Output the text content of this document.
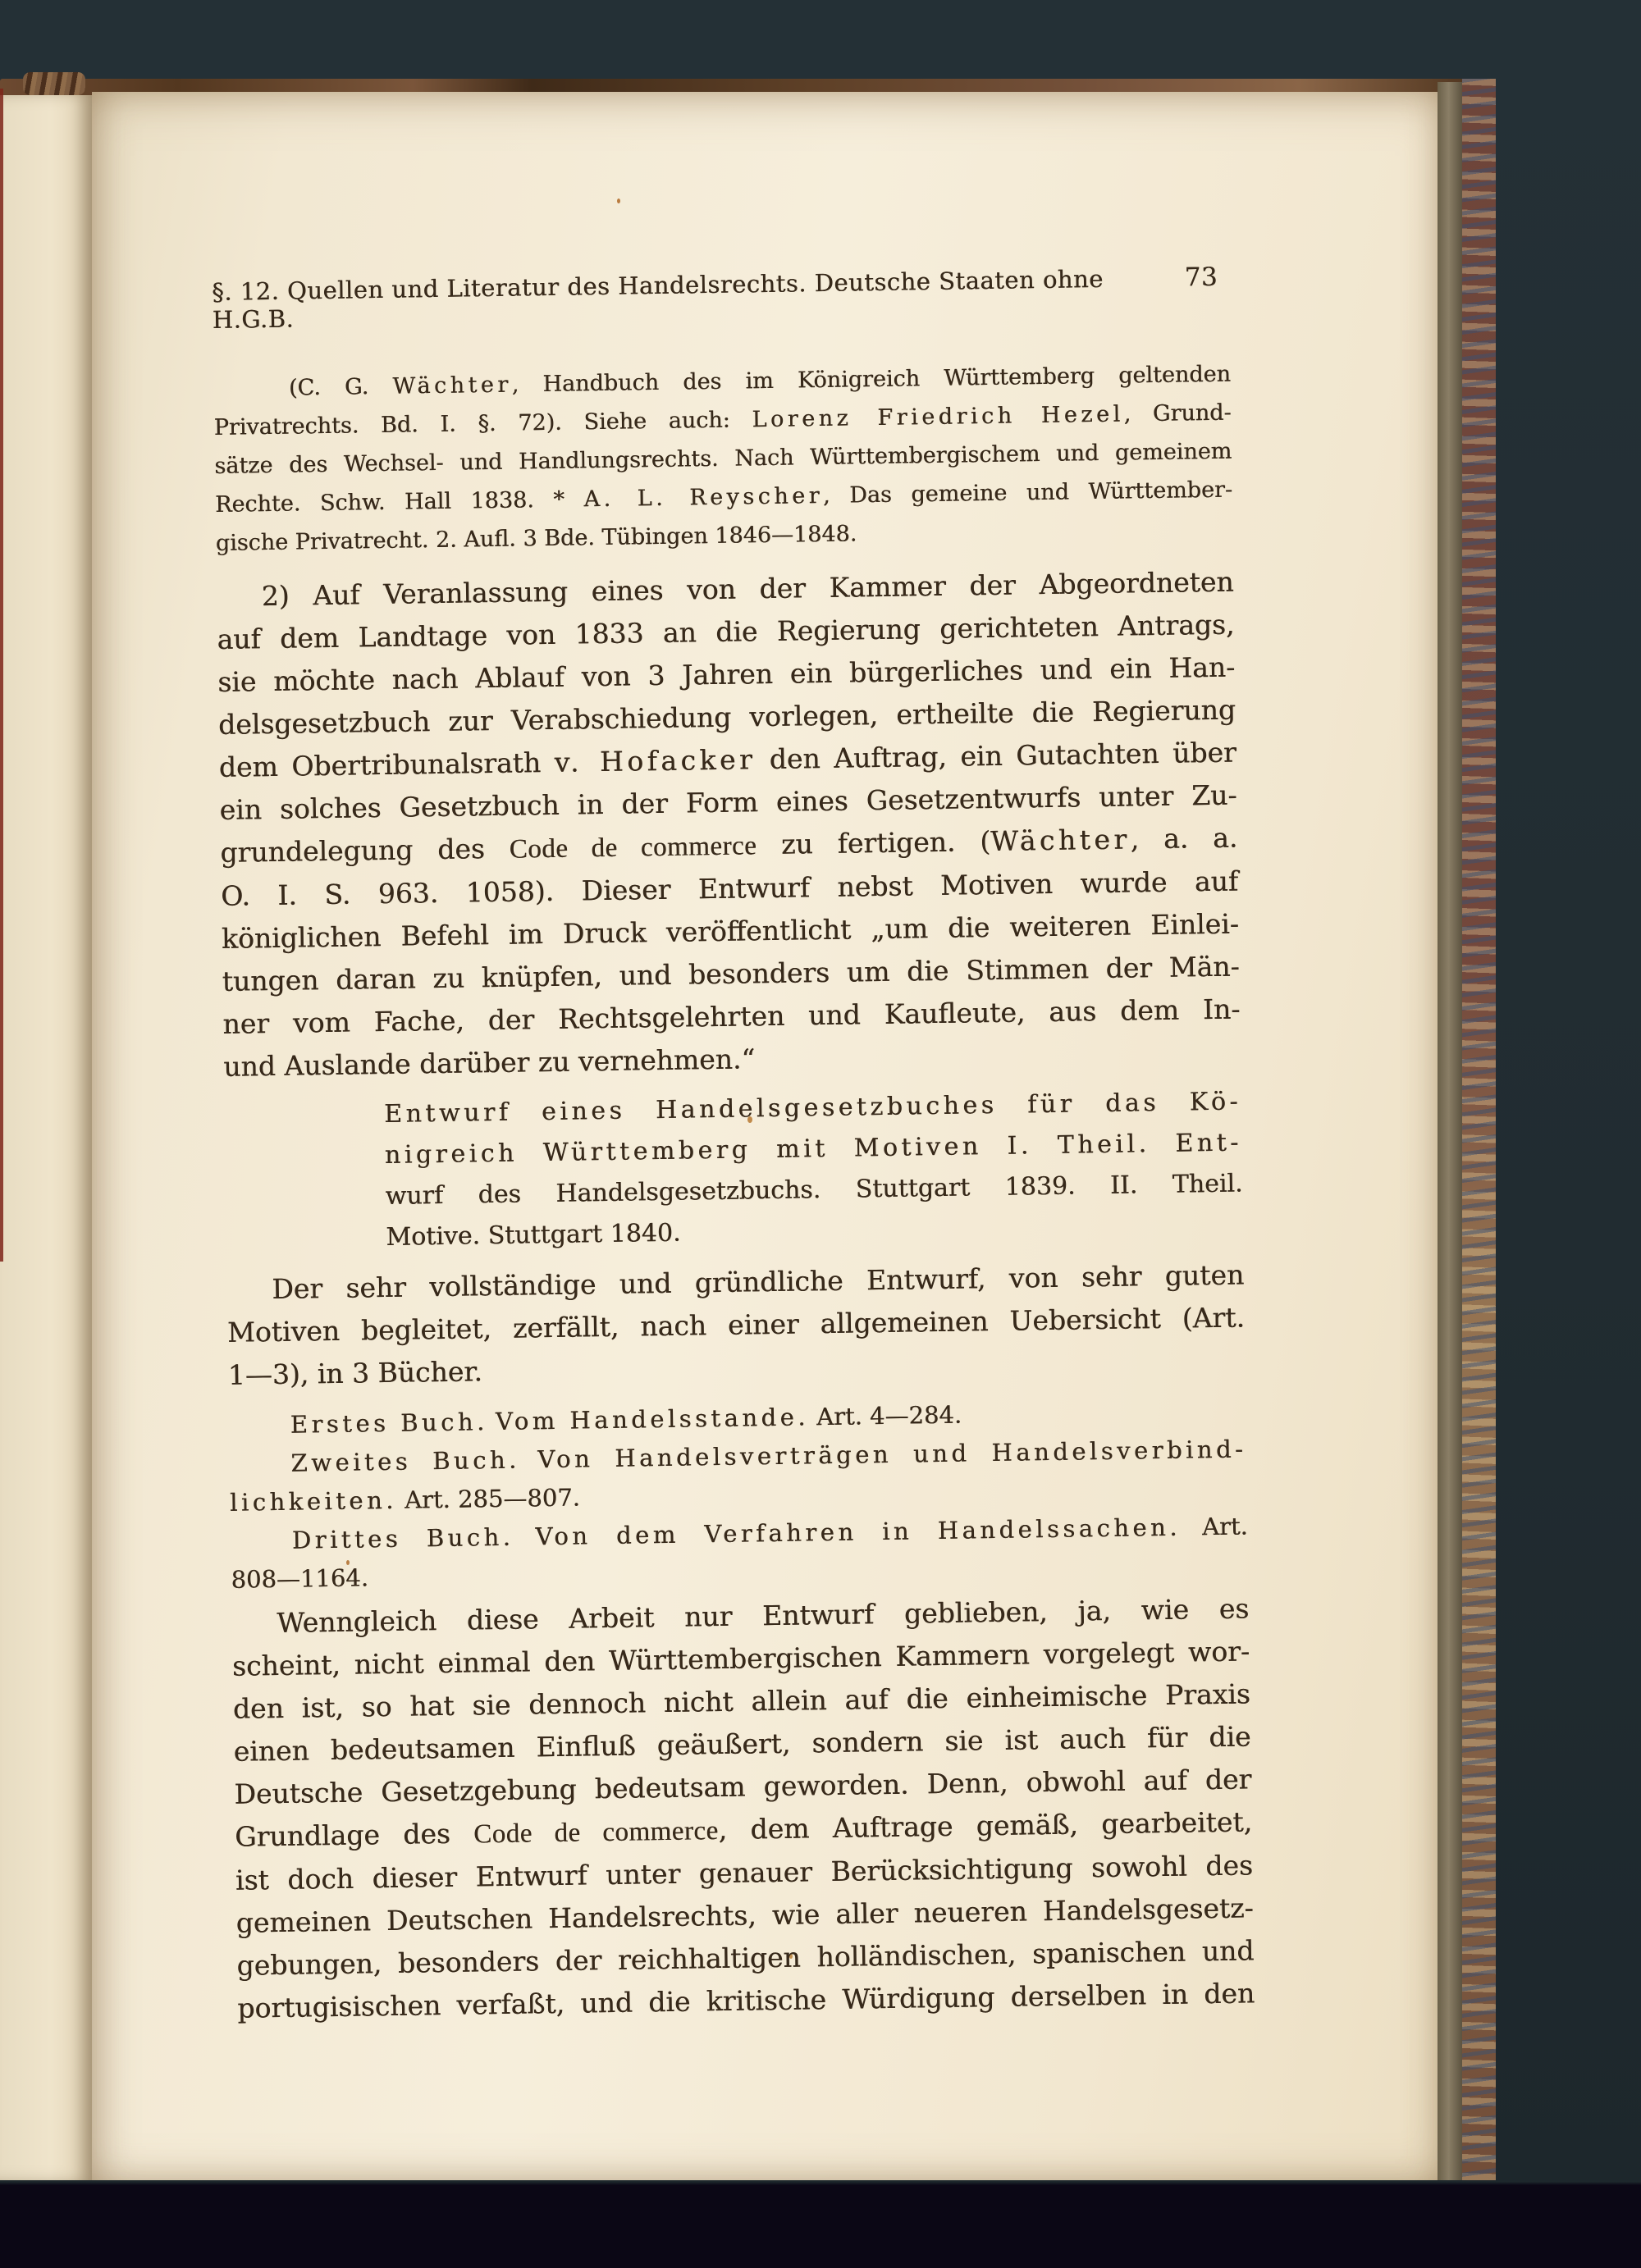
§. 12. Quellen und Literatur des Handelsrechts. Deutsche Staaten ohne H.G.B.
73
(C. G. Wächter, Handbuch des im Königreich Württemberg geltenden
Privatrechts. Bd. I. §. 72). Siehe auch: Lorenz Friedrich Hezel, Grund-
sätze des Wechsel- und Handlungsrechts. Nach Württembergischem und gemeinem
Rechte. Schw. Hall 1838. * A. L. Reyscher, Das gemeine und Württember-
gische Privatrecht. 2. Aufl. 3 Bde. Tübingen 1846—1848.
2) Auf Veranlassung eines von der Kammer der Abgeordneten
auf dem Landtage von 1833 an die Regierung gerichteten Antrags,
sie möchte nach Ablauf von 3 Jahren ein bürgerliches und ein Han-
delsgesetzbuch zur Verabschiedung vorlegen, ertheilte die Regierung
dem Obertribunalsrath v. Hofacker den Auftrag, ein Gutachten über
ein solches Gesetzbuch in der Form eines Gesetzentwurfs unter Zu-
grundelegung des Code de commerce zu fertigen. (Wächter, a. a.
O. I. S. 963. 1058). Dieser Entwurf nebst Motiven wurde auf
königlichen Befehl im Druck veröffentlicht „um die weiteren Einlei-
tungen daran zu knüpfen, und besonders um die Stimmen der Män-
ner vom Fache, der Rechtsgelehrten und Kaufleute, aus dem In-
und Auslande darüber zu vernehmen.“
Entwurf eines Handelsgesetzbuches für das Kö-
nigreich Württemberg mit Motiven I. Theil. Ent-
wurf des Handelsgesetzbuchs. Stuttgart 1839. II. Theil.
Motive. Stuttgart 1840.
Der sehr vollständige und gründliche Entwurf, von sehr guten
Motiven begleitet, zerfällt, nach einer allgemeinen Uebersicht (Art.
1—3), in 3 Bücher.
Erstes Buch. Vom Handelsstande. Art. 4—284.
Zweites Buch. Von Handelsverträgen und Handelsverbind-
lichkeiten. Art. 285—807.
Drittes Buch. Von dem Verfahren in Handelssachen. Art.
808—1164.
Wenngleich diese Arbeit nur Entwurf geblieben, ja, wie es
scheint, nicht einmal den Württembergischen Kammern vorgelegt wor-
den ist, so hat sie dennoch nicht allein auf die einheimische Praxis
einen bedeutsamen Einfluß geäußert, sondern sie ist auch für die
Deutsche Gesetzgebung bedeutsam geworden. Denn, obwohl auf der
Grundlage des Code de commerce, dem Auftrage gemäß, gearbeitet,
ist doch dieser Entwurf unter genauer Berücksichtigung sowohl des
gemeinen Deutschen Handelsrechts, wie aller neueren Handelsgesetz-
gebungen, besonders der reichhaltigen holländischen, spanischen und
portugisischen verfaßt, und die kritische Würdigung derselben in den
